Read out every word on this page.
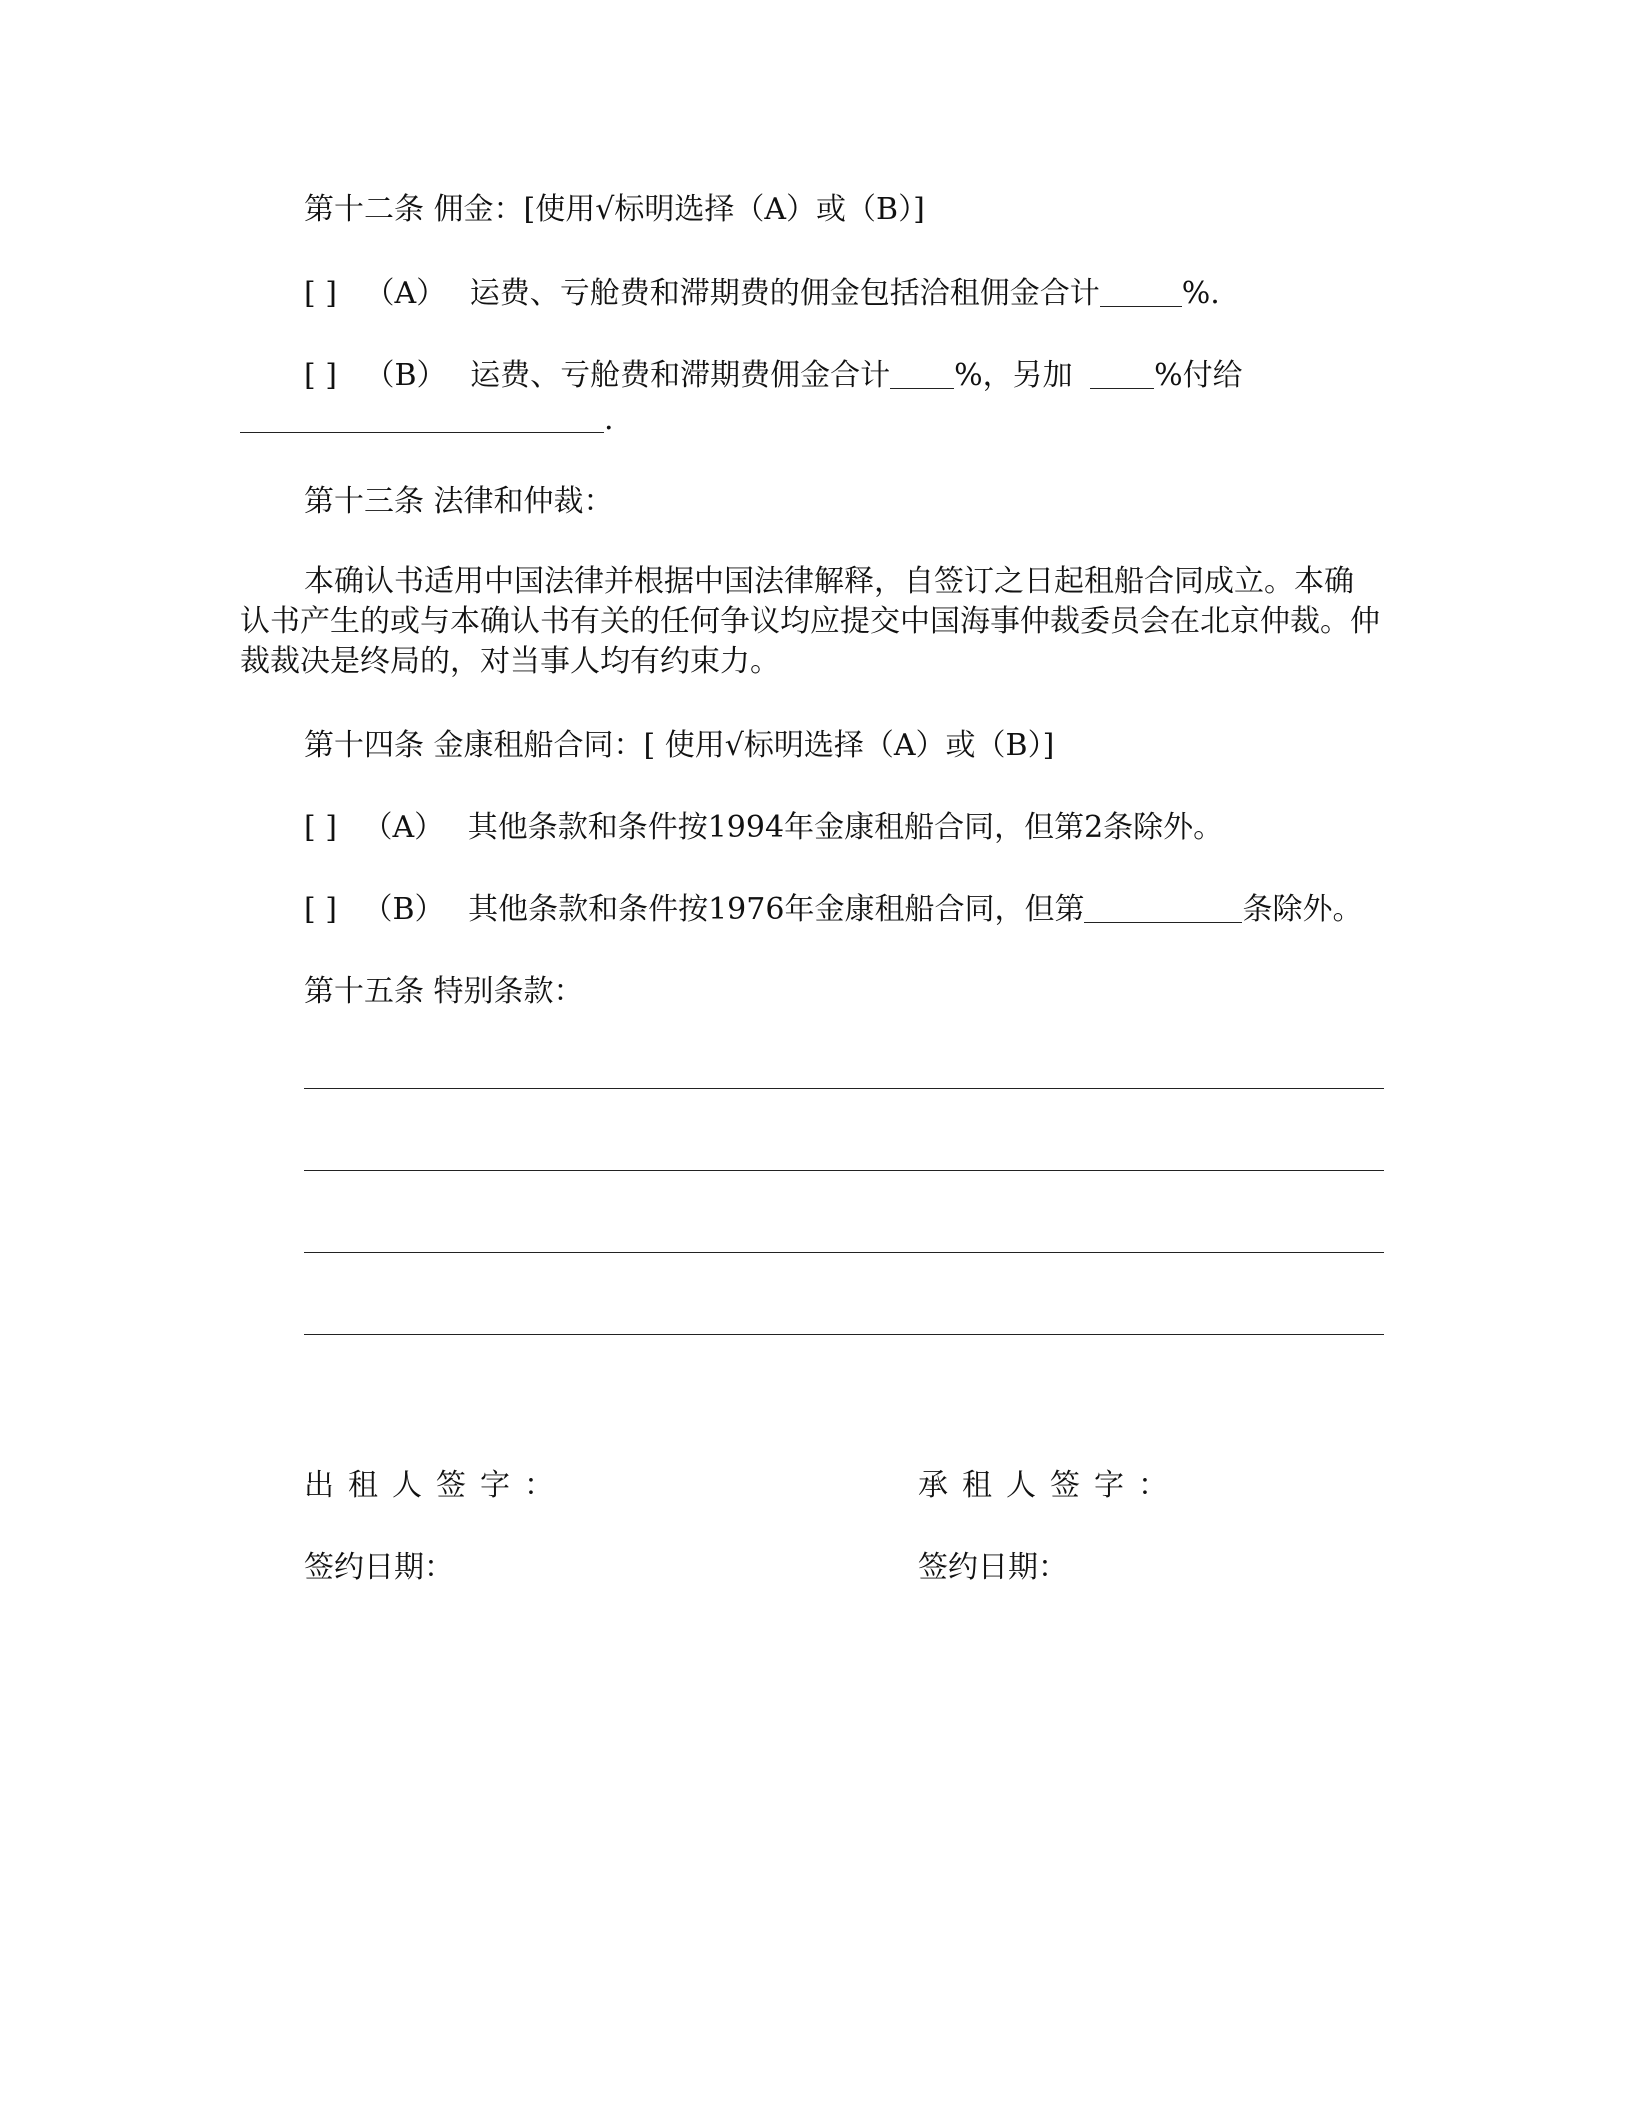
第十二条 佣金：[使用√标明选择（A）或（B）]
[ ] （A） 运费、亏舱费和滞期费的佣金包括洽租佣金合计	%.
[ ] （B） 运费、亏舱费和滞期费佣金合计 %，另加	%付给
.
第十三条 法律和仲裁：

本确认书适用中国法律并根据中国法律解释，自签订之日起租船合同成立。本确认书产生的或与本确认书有关的任何争议均应提交中国海事仲裁委员会在北京仲裁。仲裁裁决是终局的，对当事人均有约束力。

第十四条 金康租船合同：[ 使用√标明选择（A）或（B）]
[ ] （A） 其他条款和条件按1994年金康租船合同，但第2条除外。
[ ] （B） 其他条款和条件按1976年金康租船合同，但第	条除外。
第十五条 特别条款：
出租人签字：	承租人签字：
签约日期：	签约日期：
